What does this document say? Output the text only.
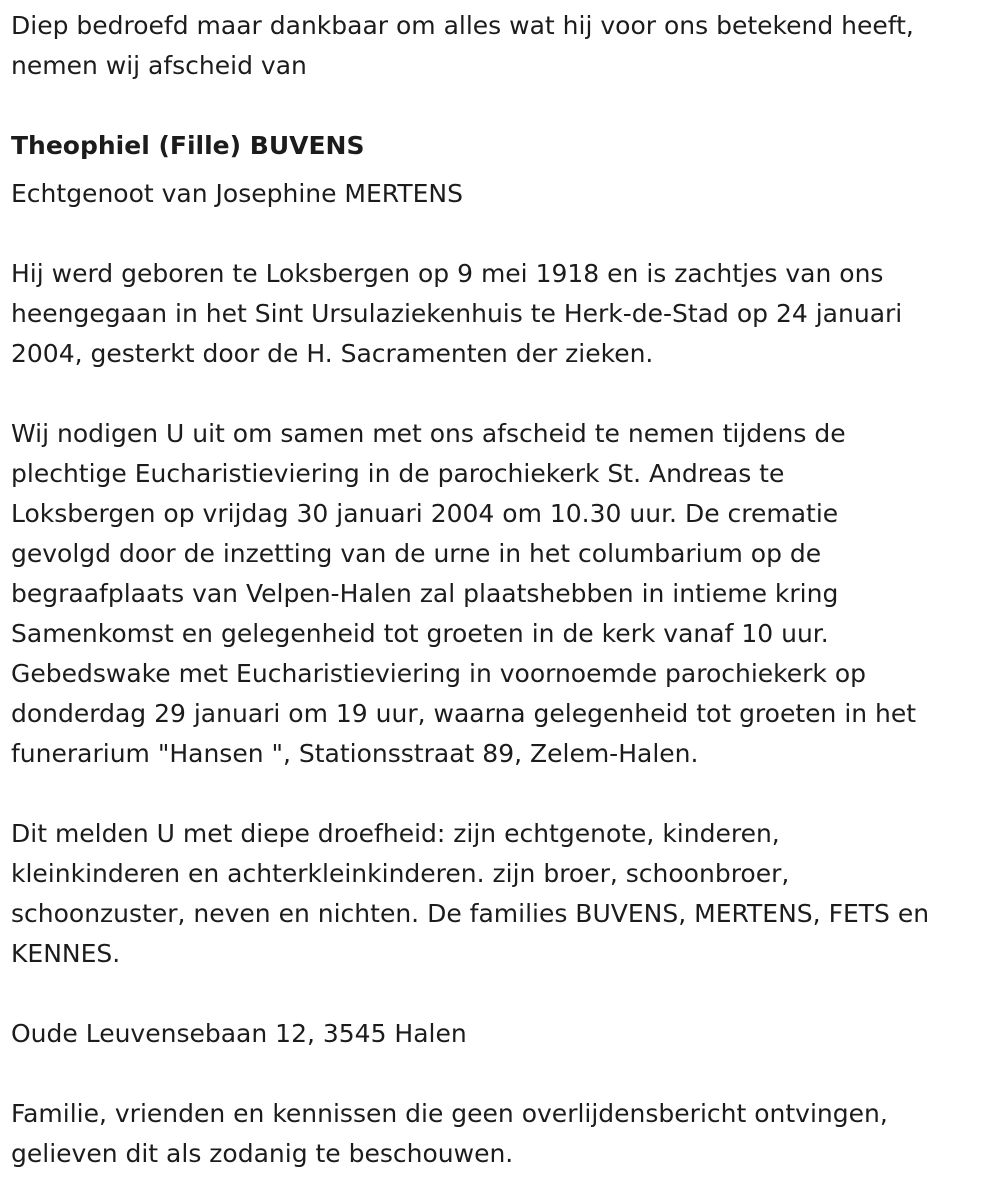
Diep bedroefd maar dankbaar om alles wat hij voor ons betekend heeft,
nemen wij afscheid van

Theophiel (Fille) BUVENS

Echtgenoot van Josephine MERTENS

Hij werd geboren te Loksbergen op 9 mei 1918 en is zachtjes van ons
heengegaan in het Sint Ursulaziekenhuis te Herk-de-Stad op 24 januari
2004, gesterkt door de H. Sacramenten der zieken.

Wij nodigen U uit om samen met ons afscheid te nemen tijdens de
plechtige Eucharistieviering in de parochiekerk St. Andreas te
Loksbergen op vrijdag 30 januari 2004 om 10.30 uur. De crematie
gevolgd door de inzetting van de urne in het columbarium op de
begraafplaats van Velpen-Halen zal plaatshebben in intieme kring
Samenkomst en gelegenheid tot groeten in de kerk vanaf 10 uur.
Gebedswake met Eucharistieviering in voornoemde parochiekerk op
donderdag 29 januari om 19 uur, waarna gelegenheid tot groeten in het
funerarium "Hansen ", Stationsstraat 89, Zelem-Halen.

Dit melden U met diepe droefheid: zijn echtgenote, kinderen,
kleinkinderen en achterkleinkinderen. zijn broer, schoonbroer,
schoonzuster, neven en nichten. De families BUVENS, MERTENS, FETS en
KENNES.

Oude Leuvensebaan 12, 3545 Halen

Familie, vrienden en kennissen die geen overlijdensbericht ontvingen,
gelieven dit als zodanig te beschouwen.
